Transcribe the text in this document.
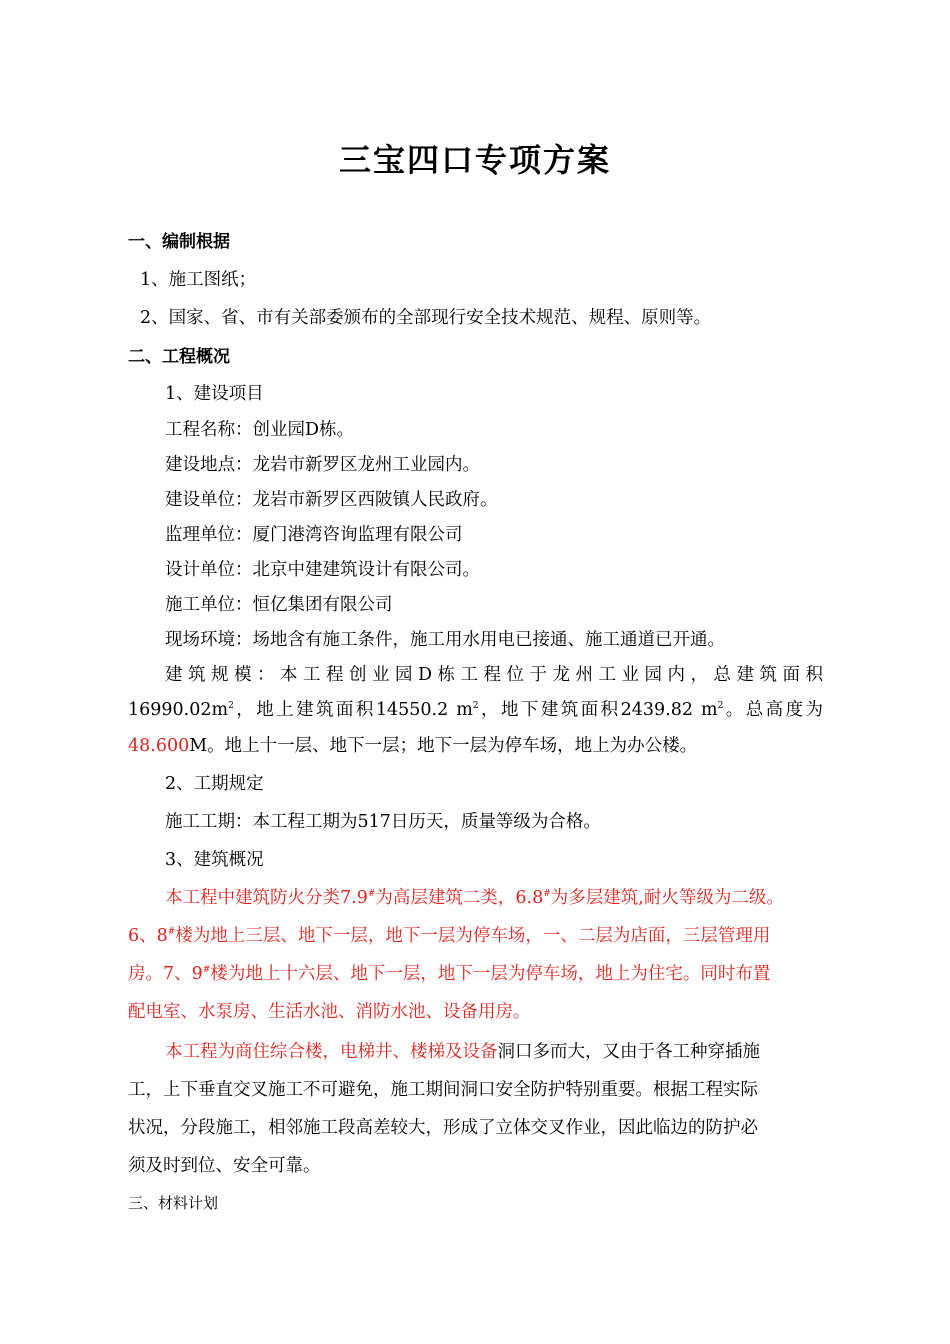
三宝四口专项方案
一、编制根据
1、施工图纸；
2、国家、省、市有关部委颁布的全部现行安全技术规范、规程、原则等。
二、工程概况
1、建设项目
工程名称：创业园D栋。
建设地点：龙岩市新罗区龙州工业园内。
建设单位：龙岩市新罗区西陂镇人民政府。
监理单位：厦门港湾咨询监理有限公司
设计单位：北京中建建筑设计有限公司。
施工单位：恒亿集团有限公司
现场环境：场地含有施工条件，施工用水用电已接通、施工通道已开通。
建筑规模：本工程创业园D栋工程位于龙州工业园内，总建筑面积
$16990.02m^2$，地上建筑面积14550.2 $m^2$，地下建筑面积2439.82 $m^2$。总高度为
48.600M。地上十一层、地下一层；地下一层为停车场，地上为办公楼。
2、工期规定
施工工期：本工程工期为517日历天，质量等级为合格。
3、建筑概况
本工程中建筑防火分类7.9#为高层建筑二类，6.8#为多层建筑,耐火等级为二级。
6、8#楼为地上三层、地下一层，地下一层为停车场，一、二层为店面，三层管理用
房。7、9#楼为地上十六层、地下一层，地下一层为停车场，地上为住宅。同时布置
配电室、水泵房、生活水池、消防水池、设备用房。
本工程为商住综合楼，电梯井、楼梯及设备洞口多而大，又由于各工种穿插施
工，上下垂直交叉施工不可避免，施工期间洞口安全防护特别重要。根据工程实际
状况，分段施工，相邻施工段高差较大，形成了立体交叉作业，因此临边的防护必
须及时到位、安全可靠。
三、材料计划
